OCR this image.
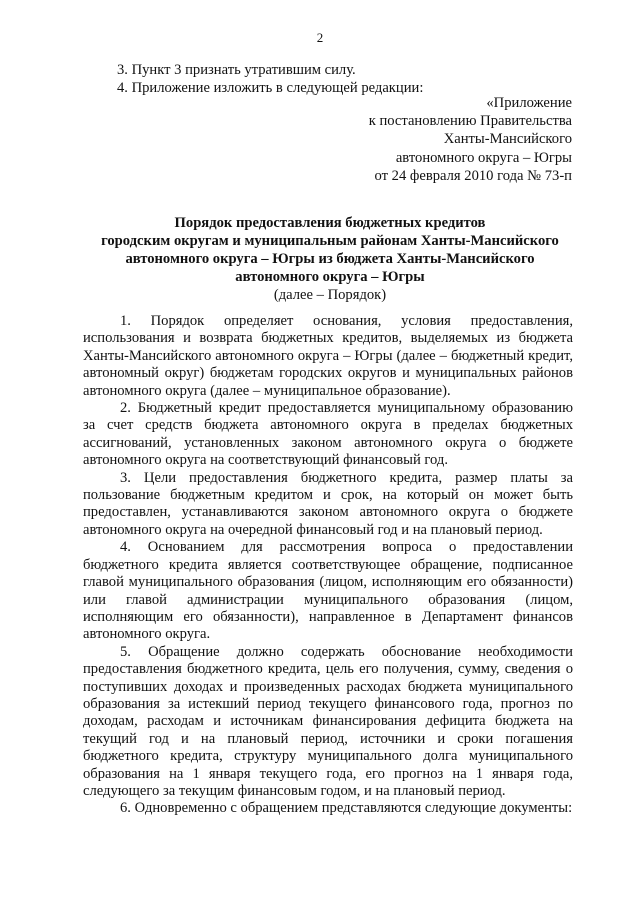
2
3. Пункт 3 признать утратившим силу.
4. Приложение изложить в следующей редакции:
«Приложение
к постановлению Правительства
Ханты-Мансийского
автономного округа – Югры
от 24 февраля 2010 года № 73-п
Порядок предоставления бюджетных кредитов
городским округам и муниципальным районам Ханты-Мансийского
автономного округа – Югры из бюджета Ханты-Мансийского
автономного округа – Югры
(далее – Порядок)

1. Порядок определяет основания, условия предоставления, использования и возврата бюджетных кредитов, выделяемых из бюджета Ханты-Мансийского автономного округа – Югры (далее – бюджетный кредит, автономный округ) бюджетам городских округов и муниципальных районов автономного округа (далее – муниципальное образование).

2. Бюджетный кредит предоставляется муниципальному образованию за счет средств бюджета автономного округа в пределах бюджетных ассигнований, установленных законом автономного округа о бюджете автономного округа на соответствующий финансовый год.

3. Цели предоставления бюджетного кредита, размер платы за пользование бюджетным кредитом и срок, на который он может быть предоставлен, устанавливаются законом автономного округа о бюджете автономного округа на очередной финансовый год и на плановый период.

4. Основанием для рассмотрения вопроса о предоставлении бюджетного кредита является соответствующее обращение, подписанное главой муниципального образования (лицом, исполняющим его обязанности) или главой администрации муниципального образования (лицом, исполняющим его обязанности), направленное в Департамент финансов автономного округа.

5. Обращение должно содержать обоснование необходимости предоставления бюджетного кредита, цель его получения, сумму, сведения о поступивших доходах и произведенных расходах бюджета муниципального образования за истекший период текущего финансового года, прогноз по доходам, расходам и источникам финансирования дефицита бюджета на текущий год и на плановый период, источники и сроки погашения бюджетного кредита, структуру муниципального долга муниципального образования на 1 января текущего года, его прогноз на 1 января года, следующего за текущим финансовым годом, и на плановый период.

6. Одновременно с обращением представляются следующие документы:
